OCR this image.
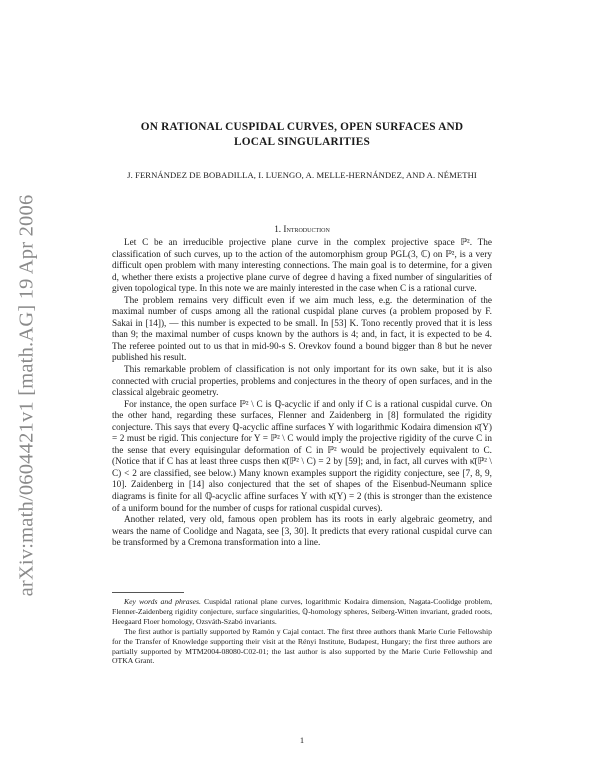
arXiv:math/0604421v1 [math.AG] 19 Apr 2006
ON RATIONAL CUSPIDAL CURVES, OPEN SURFACES AND
LOCAL SINGULARITIES
J. FERNÁNDEZ DE BOBADILLA, I. LUENGO, A. MELLE-HERNÁNDEZ, AND A. NÉMETHI
1. Introduction

Let C be an irreducible projective plane curve in the complex projective space ℙ². The classification of such curves, up to the action of the automorphism group PGL(3, ℂ) on ℙ², is a very difficult open problem with many interesting connections. The main goal is to determine, for a given d, whether there exists a projective plane curve of degree d having a fixed number of singularities of given topological type. In this note we are mainly interested in the case when C is a rational curve.

The problem remains very difficult even if we aim much less, e.g. the determination of the maximal number of cusps among all the rational cuspidal plane curves (a problem proposed by F. Sakai in [14]), — this number is expected to be small. In [53] K. Tono recently proved that it is less than 9; the maximal number of cusps known by the authors is 4; and, in fact, it is expected to be 4. The referee pointed out to us that in mid-90-s S. Orevkov found a bound bigger than 8 but he never published his result.

This remarkable problem of classification is not only important for its own sake, but it is also connected with crucial properties, problems and conjectures in the theory of open surfaces, and in the classical algebraic geometry.

For instance, the open surface ℙ² \ C is ℚ-acyclic if and only if C is a rational cuspidal curve. On the other hand, regarding these surfaces, Flenner and Zaidenberg in [8] formulated the rigidity conjecture. This says that every ℚ-acyclic affine surfaces Y with logarithmic Kodaira dimension κ̄(Y) = 2 must be rigid. This conjecture for Y = ℙ² \ C would imply the projective rigidity of the curve C in the sense that every equisingular deformation of C in ℙ² would be projectively equivalent to C. (Notice that if C has at least three cusps then κ̄(ℙ² \ C) = 2 by [59]; and, in fact, all curves with κ̄(ℙ² \ C) < 2 are classified, see below.) Many known examples support the rigidity conjecture, see [7, 8, 9, 10]. Zaidenberg in [14] also conjectured that the set of shapes of the Eisenbud-Neumann splice diagrams is finite for all ℚ-acyclic affine surfaces Y with κ̄(Y) = 2 (this is stronger than the existence of a uniform bound for the number of cusps for rational cuspidal curves).

Another related, very old, famous open problem has its roots in early algebraic geometry, and wears the name of Coolidge and Nagata, see [3, 30]. It predicts that every rational cuspidal curve can be transformed by a Cremona transformation into a line.

Key words and phrases. Cuspidal rational plane curves, logarithmic Kodaira dimension, Nagata-Coolidge problem, Flenner-Zaidenberg rigidity conjecture, surface singularities, ℚ-homology spheres, Seiberg-Witten invariant, graded roots, Heegaard Floer homology, Ozsváth-Szabó invariants.

The first author is partially supported by Ramón y Cajal contact. The first three authors thank Marie Curie Fellowship for the Transfer of Knowledge supporting their visit at the Rényi Institute, Budapest, Hungary; the first three authors are partially supported by MTM2004-08080-C02-01; the last author is also supported by the Marie Curie Fellowship and OTKA Grant.

1
